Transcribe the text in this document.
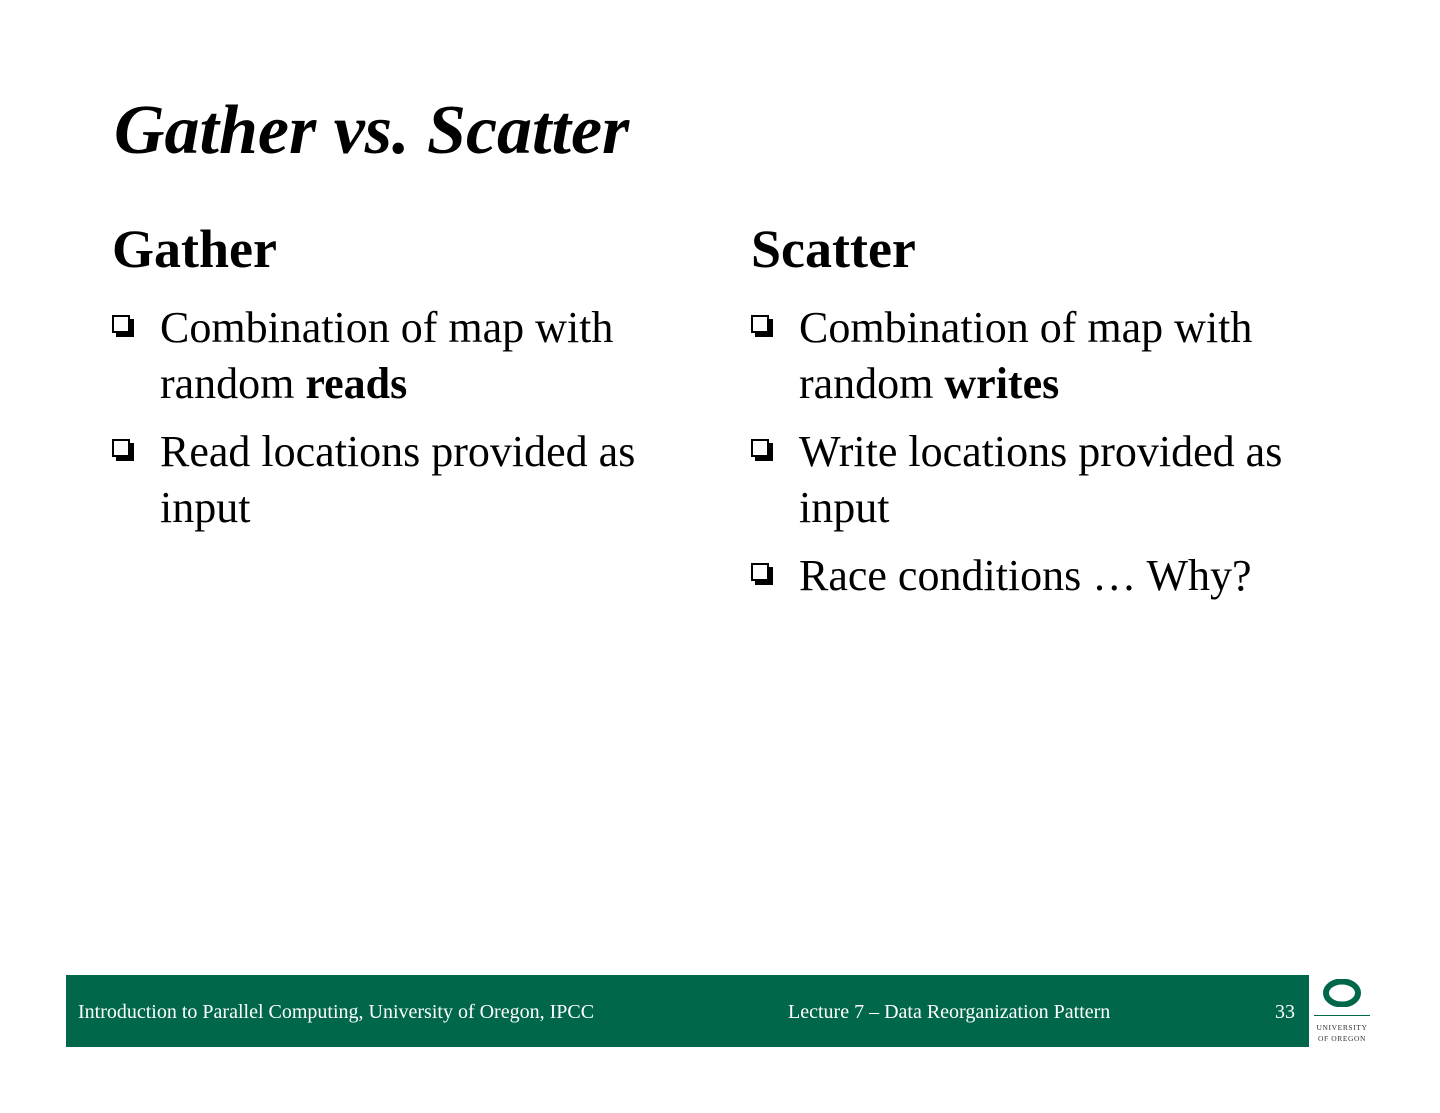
Gather vs. Scatter
Gather
Combination of map with random reads
Read locations provided as input
Scatter
Combination of map with random writes
Write locations provided as input
Race conditions … Why?
Introduction to Parallel Computing, University of Oregon, IPCC	Lecture 7 – Data Reorganization Pattern	33
UNIVERSITY
OF OREGON
